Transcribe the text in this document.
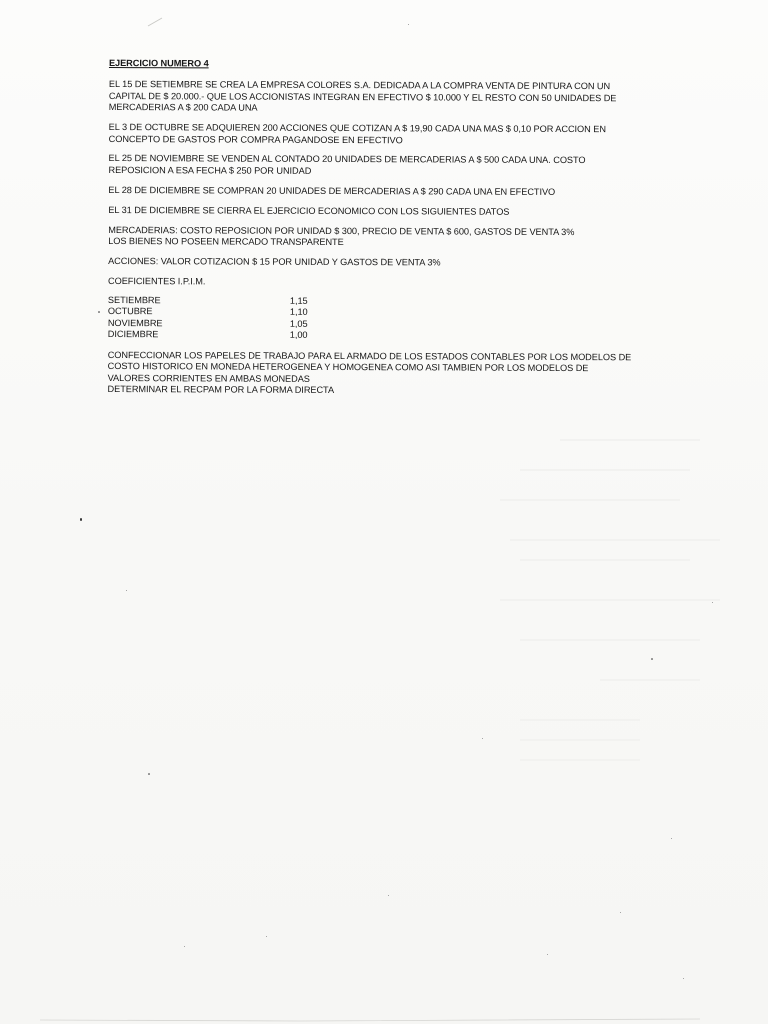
EJERCICIO NUMERO 4
EL 15 DE SETIEMBRE SE CREA LA EMPRESA COLORES S.A. DEDICADA A LA COMPRA VENTA DE PINTURA CON UN
CAPITAL DE $ 20.000.- QUE LOS ACCIONISTAS INTEGRAN EN EFECTIVO $ 10.000 Y EL RESTO CON 50 UNIDADES DE
MERCADERIAS A $ 200 CADA UNA
EL 3 DE OCTUBRE SE ADQUIEREN 200 ACCIONES QUE COTIZAN A $ 19,90 CADA UNA MAS $ 0,10 POR ACCION EN
CONCEPTO DE GASTOS POR COMPRA PAGANDOSE EN EFECTIVO
EL 25 DE NOVIEMBRE SE VENDEN AL CONTADO 20 UNIDADES DE MERCADERIAS A $ 500 CADA UNA. COSTO
REPOSICION A ESA FECHA $ 250 POR UNIDAD
EL 28 DE DICIEMBRE SE COMPRAN 20 UNIDADES DE MERCADERIAS A $ 290 CADA UNA EN EFECTIVO
EL 31 DE DICIEMBRE SE CIERRA EL EJERCICIO ECONOMICO CON LOS SIGUIENTES DATOS
MERCADERIAS: COSTO REPOSICION POR UNIDAD $ 300, PRECIO DE VENTA $ 600, GASTOS DE VENTA 3%
LOS BIENES NO POSEEN MERCADO TRANSPARENTE
ACCIONES: VALOR COTIZACION $ 15 POR UNIDAD Y GASTOS DE VENTA 3%
COEFICIENTES I.P.I.M.
SETIEMBRE	1,15
OCTUBRE	1,10
NOVIEMBRE	1,05
DICIEMBRE	1,00
CONFECCIONAR LOS PAPELES DE TRABAJO PARA EL ARMADO DE LOS ESTADOS CONTABLES POR LOS MODELOS DE
COSTO HISTORICO EN MONEDA HETEROGENEA Y HOMOGENEA COMO ASI TAMBIEN POR LOS MODELOS DE
VALORES CORRIENTES EN AMBAS MONEDAS
DETERMINAR EL RECPAM POR LA FORMA DIRECTA
